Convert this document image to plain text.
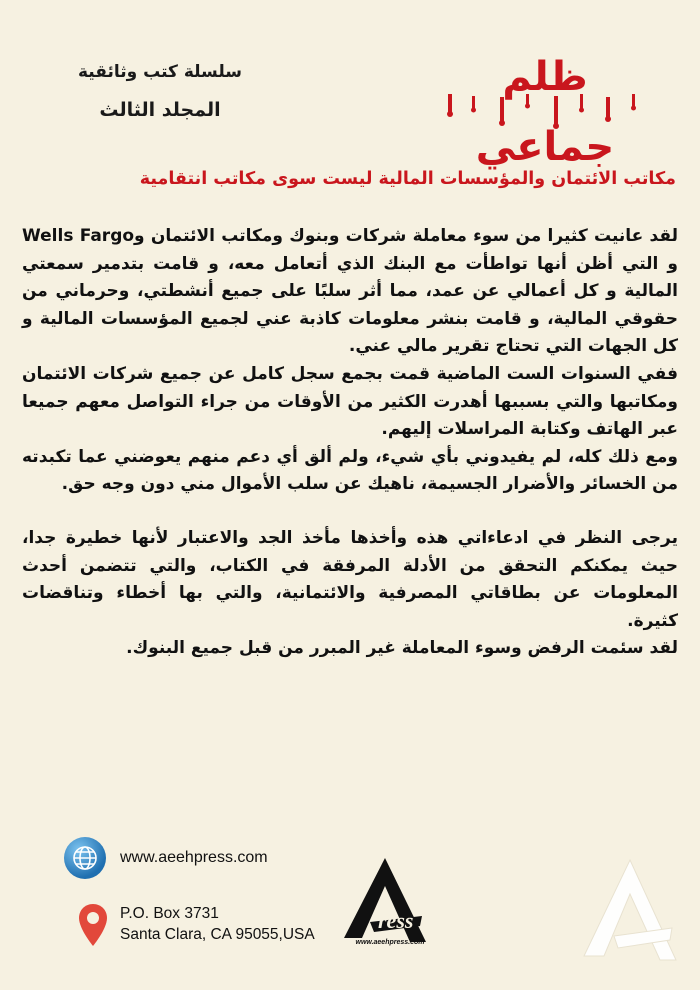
ظلم جماعي
سلسلة كتب وثائقية
المجلد الثالث
مكاتب الائتمان والمؤسسات المالية ليست سوى مكاتب انتقامية

لقد عانيت كثيرا من سوء معاملة شركات وبنوك ومكاتب الائتمان وWells Fargo و التي أظن أنها تواطأت مع البنك الذي أتعامل معه، و قامت بتدمير سمعتي المالية و كل أعمالي عن عمد، مما أثر سلبًا على جميع أنشطتي، وحرماني من حقوقي المالية، و قامت بنشر معلومات كاذبة عني لجميع المؤسسات المالية و كل الجهات التي تحتاج تقرير مالي عني.

ففي السنوات الست الماضية قمت بجمع سجل كامل عن جميع شركات الائتمان ومكاتبها والتي بسببها أهدرت الكثير من الأوقات من جراء التواصل معهم جميعا عبر الهاتف وكتابة المراسلات إليهم.

ومع ذلك كله، لم يفيدوني بأي شيء، ولم ألق أي دعم منهم يعوضني عما تكبدته من الخسائر والأضرار الجسيمة، ناهيك عن سلب الأموال مني دون وجه حق.

يرجى النظر في ادعاءاتي هذه وأخذها مأخذ الجد والاعتبار لأنها خطيرة جدا، حيث يمكنكم التحقق من الأدلة المرفقة في الكتاب، والتي تتضمن أحدث المعلومات عن بطاقاتي المصرفية والائتمانية، والتي بها أخطاء وتناقضات كثيرة.

لقد سئمت الرفض وسوء المعاملة غير المبرر من قبل جميع البنوك.

www.aeehpress.com
P.O. Box 3731
Santa Clara, CA 95055,USA
ress
www.aeehpress.com
